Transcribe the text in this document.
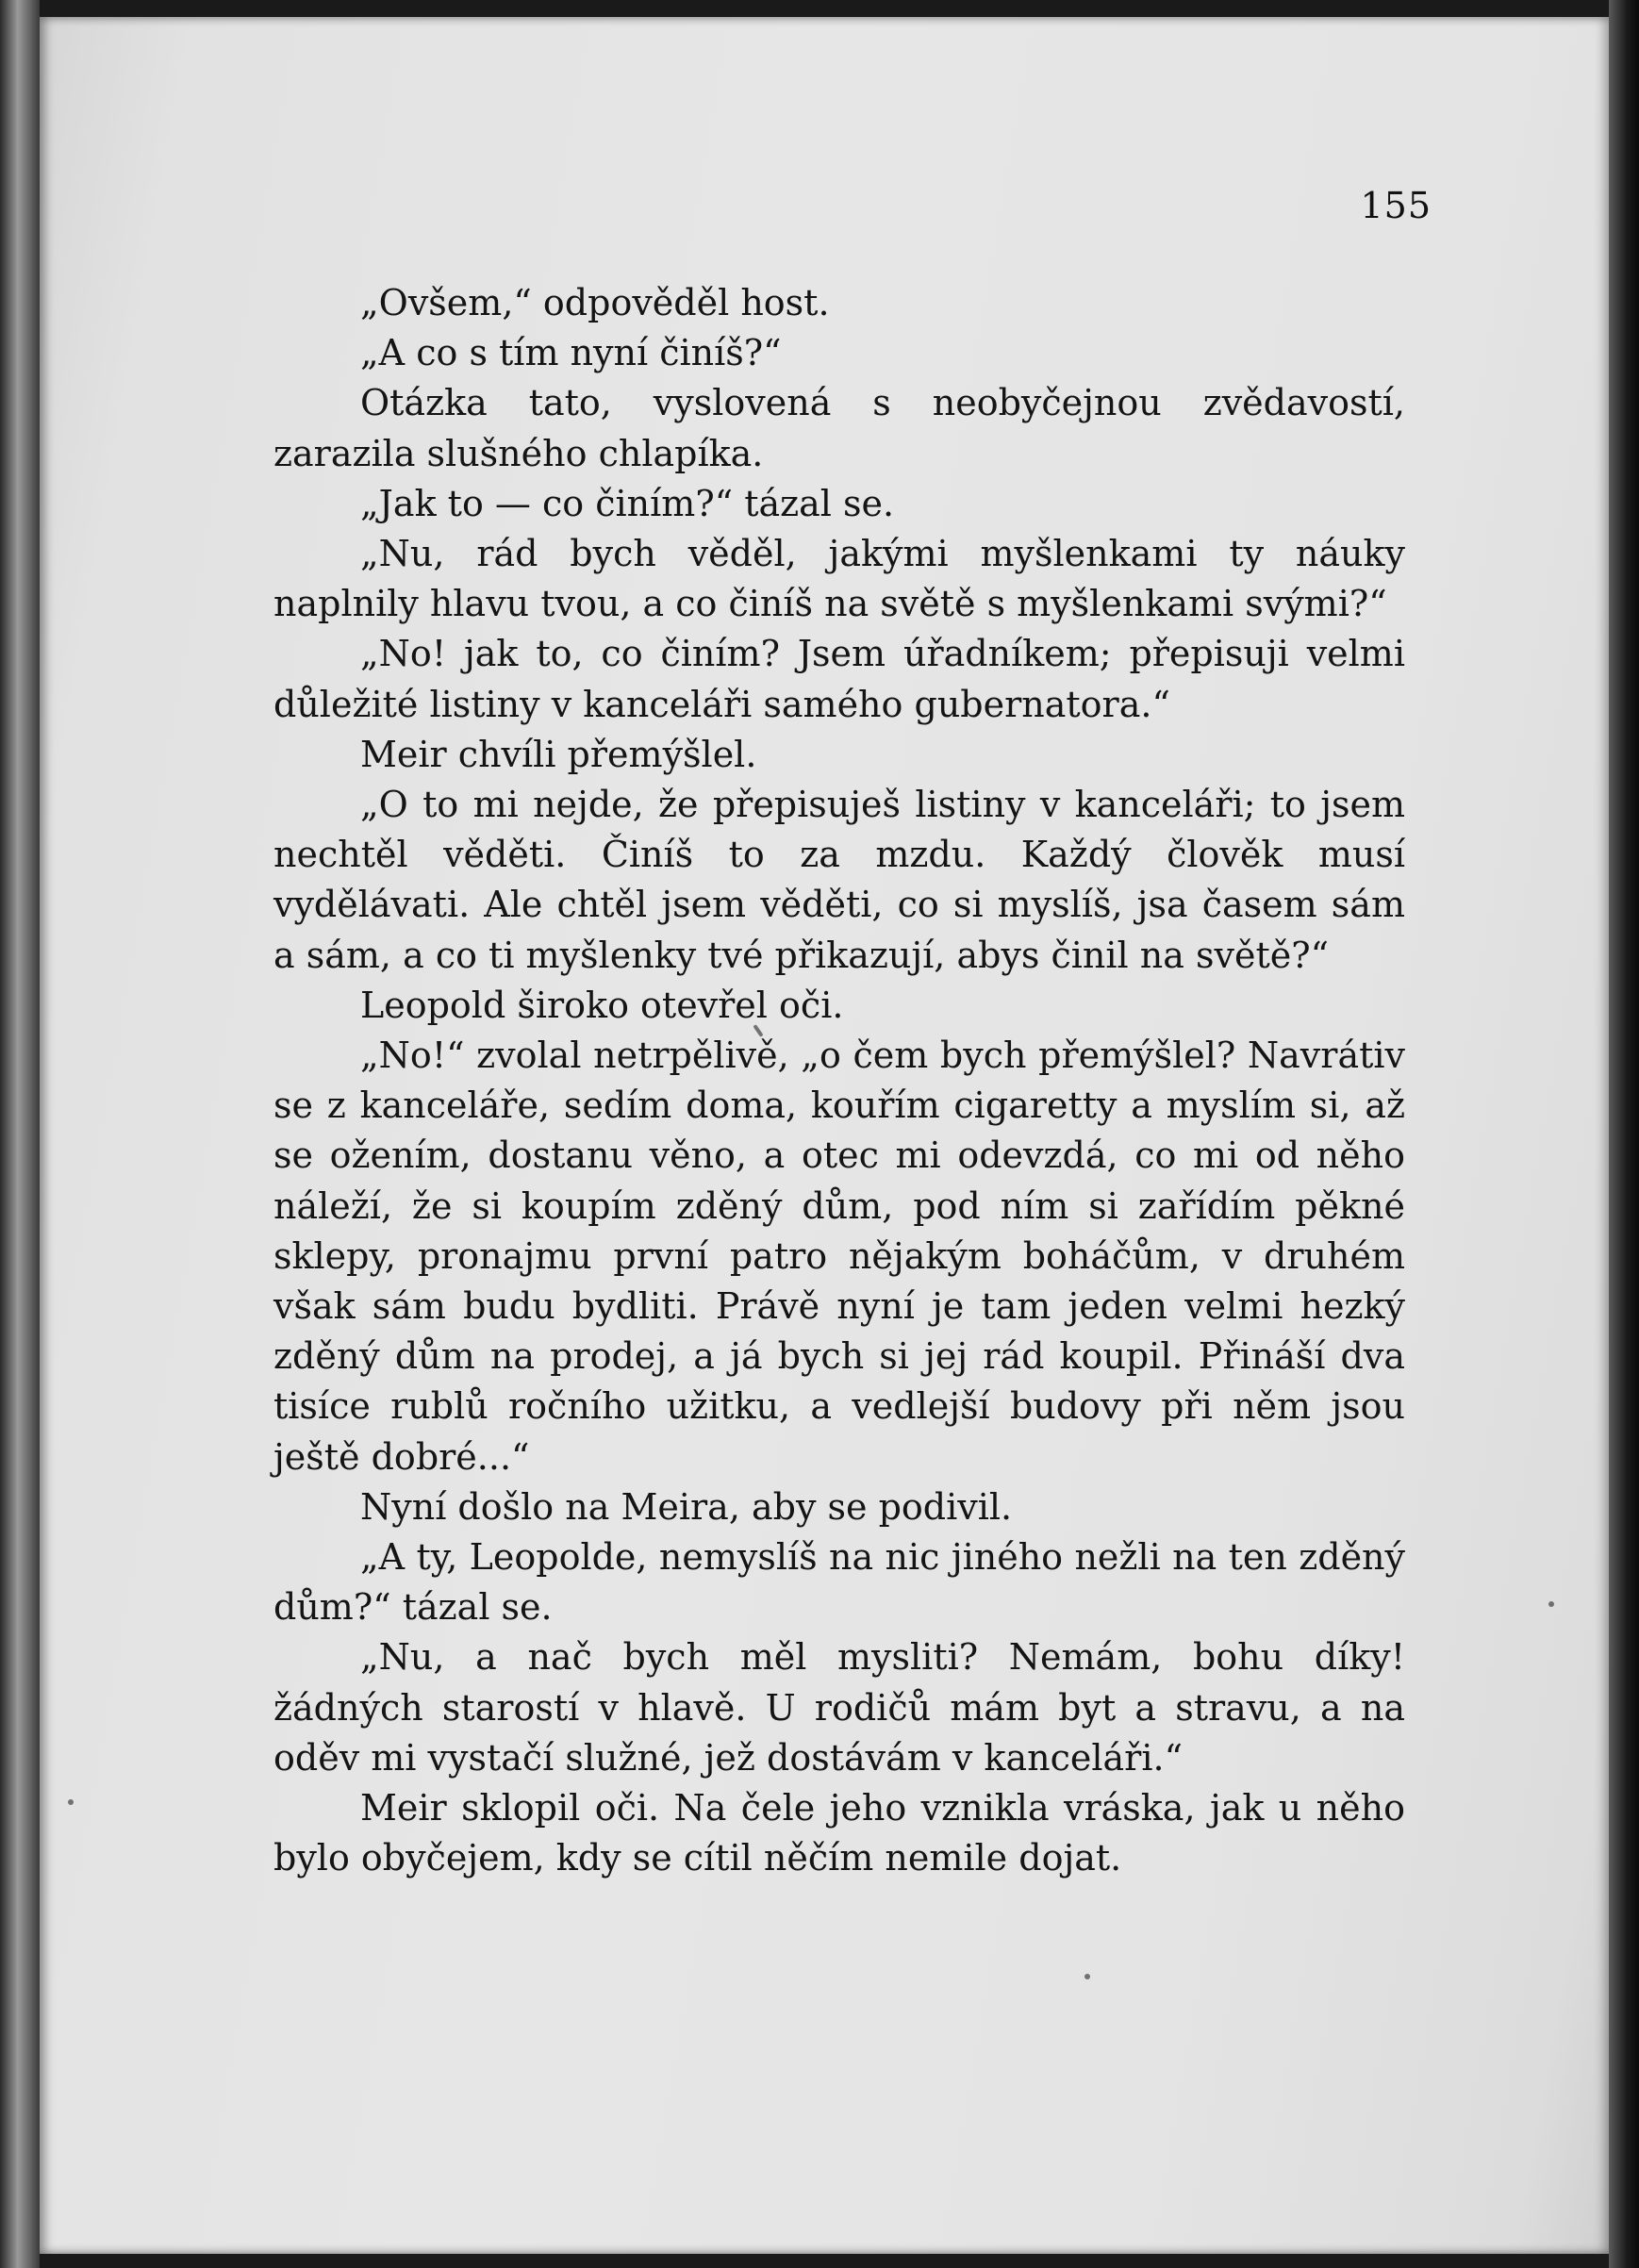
155

„Ovšem,“ odpověděl host.

„A co s tím nyní činíš?“

Otázka tato, vyslovená s neobyčejnou zvědavostí, zarazila slušného chlapíka.

„Jak to — co činím?“ tázal se.

„Nu, rád bych věděl, jakými myšlenkami ty náuky naplnily hlavu tvou, a co činíš na světě s myšlenkami svými?“

„No! jak to, co činím? Jsem úřadníkem; přepisuji velmi důležité listiny v kanceláři samého gubernatora.“

Meir chvíli přemýšlel.

„O to mi nejde, že přepisuješ listiny v kanceláři; to jsem nechtěl věděti. Činíš to za mzdu. Každý člověk musí vydělávati. Ale chtěl jsem věděti, co si myslíš, jsa časem sám a sám, a co ti myšlenky tvé přikazují, abys činil na světě?“

Leopold široko otevřel oči.

„No!“ zvolal netrpělivě, „o čem bych přemýšlel? Navrátiv se z kanceláře, sedím doma, kouřím cigaretty a myslím si, až se ožením, dostanu věno, a otec mi odevzdá, co mi od něho náleží, že si koupím zděný dům, pod ním si zařídím pěkné sklepy, pronajmu první patro nějakým boháčům, v druhém však sám budu bydliti. Právě nyní je tam jeden velmi hezký zděný dům na prodej, a já bych si jej rád koupil. Přináší dva tisíce rublů ročního užitku, a vedlejší budovy při něm jsou ještě dobré...“

Nyní došlo na Meira, aby se podivil.

„A ty, Leopolde, nemyslíš na nic jiného nežli na ten zděný dům?“ tázal se.

„Nu, a nač bych měl mysliti? Nemám, bohu díky! žádných starostí v hlavě. U rodičů mám byt a stravu, a na oděv mi vystačí služné, jež dostávám v kanceláři.“

Meir sklopil oči. Na čele jeho vznikla vráska, jak u něho bylo obyčejem, kdy se cítil něčím nemile dojat.
